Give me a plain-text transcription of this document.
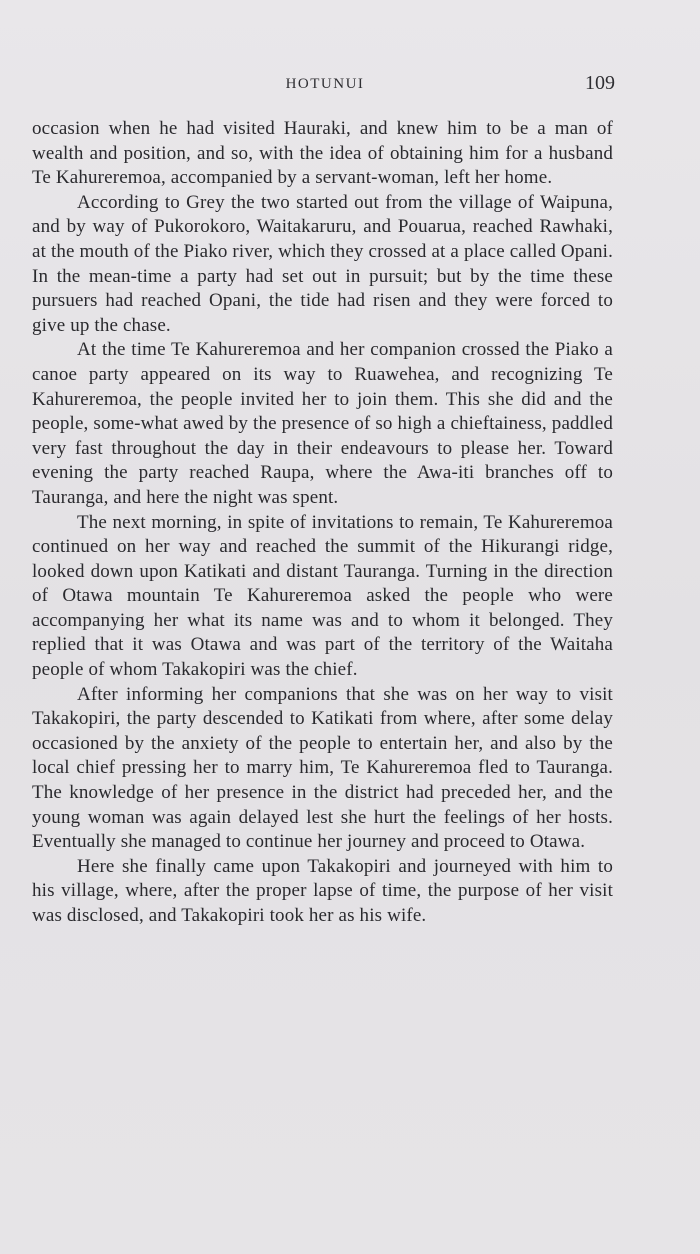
HOTUNUI	109

occasion when he had visited Hauraki, and knew him to be a man of wealth and position, and so, with the idea of obtaining him for a husband Te Kahureremoa, accompanied by a servant-woman, left her home.

According to Grey the two started out from the village of Waipuna, and by way of Pukorokoro, Waitakaruru, and Pouarua, reached Rawhaki, at the mouth of the Piako river, which they crossed at a place called Opani. In the mean-time a party had set out in pursuit; but by the time these pursuers had reached Opani, the tide had risen and they were forced to give up the chase.

At the time Te Kahureremoa and her companion crossed the Piako a canoe party appeared on its way to Ruawehea, and recognizing Te Kahureremoa, the people invited her to join them. This she did and the people, some-what awed by the presence of so high a chieftainess, paddled very fast throughout the day in their endeavours to please her. Toward evening the party reached Raupa, where the Awa-iti branches off to Tauranga, and here the night was spent.

The next morning, in spite of invitations to remain, Te Kahureremoa continued on her way and reached the summit of the Hikurangi ridge, looked down upon Katikati and distant Tauranga. Turning in the direction of Otawa mountain Te Kahureremoa asked the people who were accompanying her what its name was and to whom it belonged. They replied that it was Otawa and was part of the territory of the Waitaha people of whom Takakopiri was the chief.

After informing her companions that she was on her way to visit Takakopiri, the party descended to Katikati from where, after some delay occasioned by the anxiety of the people to entertain her, and also by the local chief pressing her to marry him, Te Kahureremoa fled to Tauranga. The knowledge of her presence in the district had preceded her, and the young woman was again delayed lest she hurt the feelings of her hosts. Eventually she managed to continue her journey and proceed to Otawa.

Here she finally came upon Takakopiri and journeyed with him to his village, where, after the proper lapse of time, the purpose of her visit was disclosed, and Takakopiri took her as his wife.
